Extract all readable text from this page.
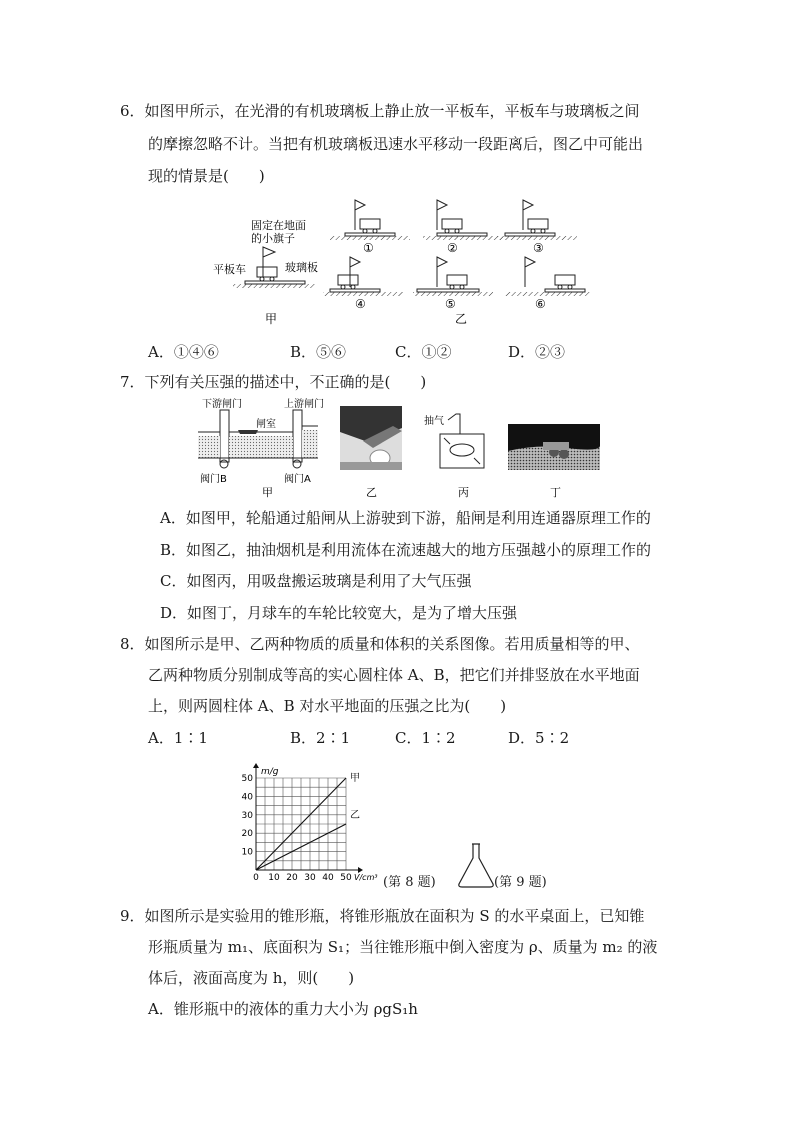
6．如图甲所示，在光滑的有机玻璃板上静止放一平板车，平板车与玻璃板之间
的摩擦忽略不计。当把有机玻璃板迅速水平移动一段距离后，图乙中可能出
现的情景是(　　)
固定在地面
的小旗子
平板车	玻璃板
甲
①	②	③
④	⑤	⑥
乙
A．①④⑥	B．⑤⑥	C．①②	D．②③
7．下列有关压强的描述中，不正确的是(　　)
下游闸门	上游闸门
闸室
阀门B	阀门A
甲	乙
抽气
丙	丁
A．如图甲，轮船通过船闸从上游驶到下游，船闸是利用连通器原理工作的
B．如图乙，抽油烟机是利用流体在流速越大的地方压强越小的原理工作的
C．如图丙，用吸盘搬运玻璃是利用了大气压强
D．如图丁，月球车的车轮比较宽大，是为了增大压强
8．如图所示是甲、乙两种物质的质量和体积的关系图像。若用质量相等的甲、
乙两种物质分别制成等高的实心圆柱体 A、B，把它们并排竖放在水平地面
上，则两圆柱体 A、B 对水平地面的压强之比为(　　)
A．1∶1	B．2∶1	C．1∶2	D．5∶2
m/g
V/cm³
甲
乙
0 10 20 30 40 50
10
20
30
40
50
(第 8 题)	(第 9 题)
9．如图所示是实验用的锥形瓶，将锥形瓶放在面积为 S 的水平桌面上，已知锥
形瓶质量为 m₁、底面积为 S₁；当往锥形瓶中倒入密度为 ρ、质量为 m₂ 的液
体后，液面高度为 h，则(　　)
A．锥形瓶中的液体的重力大小为 ρgS₁h
